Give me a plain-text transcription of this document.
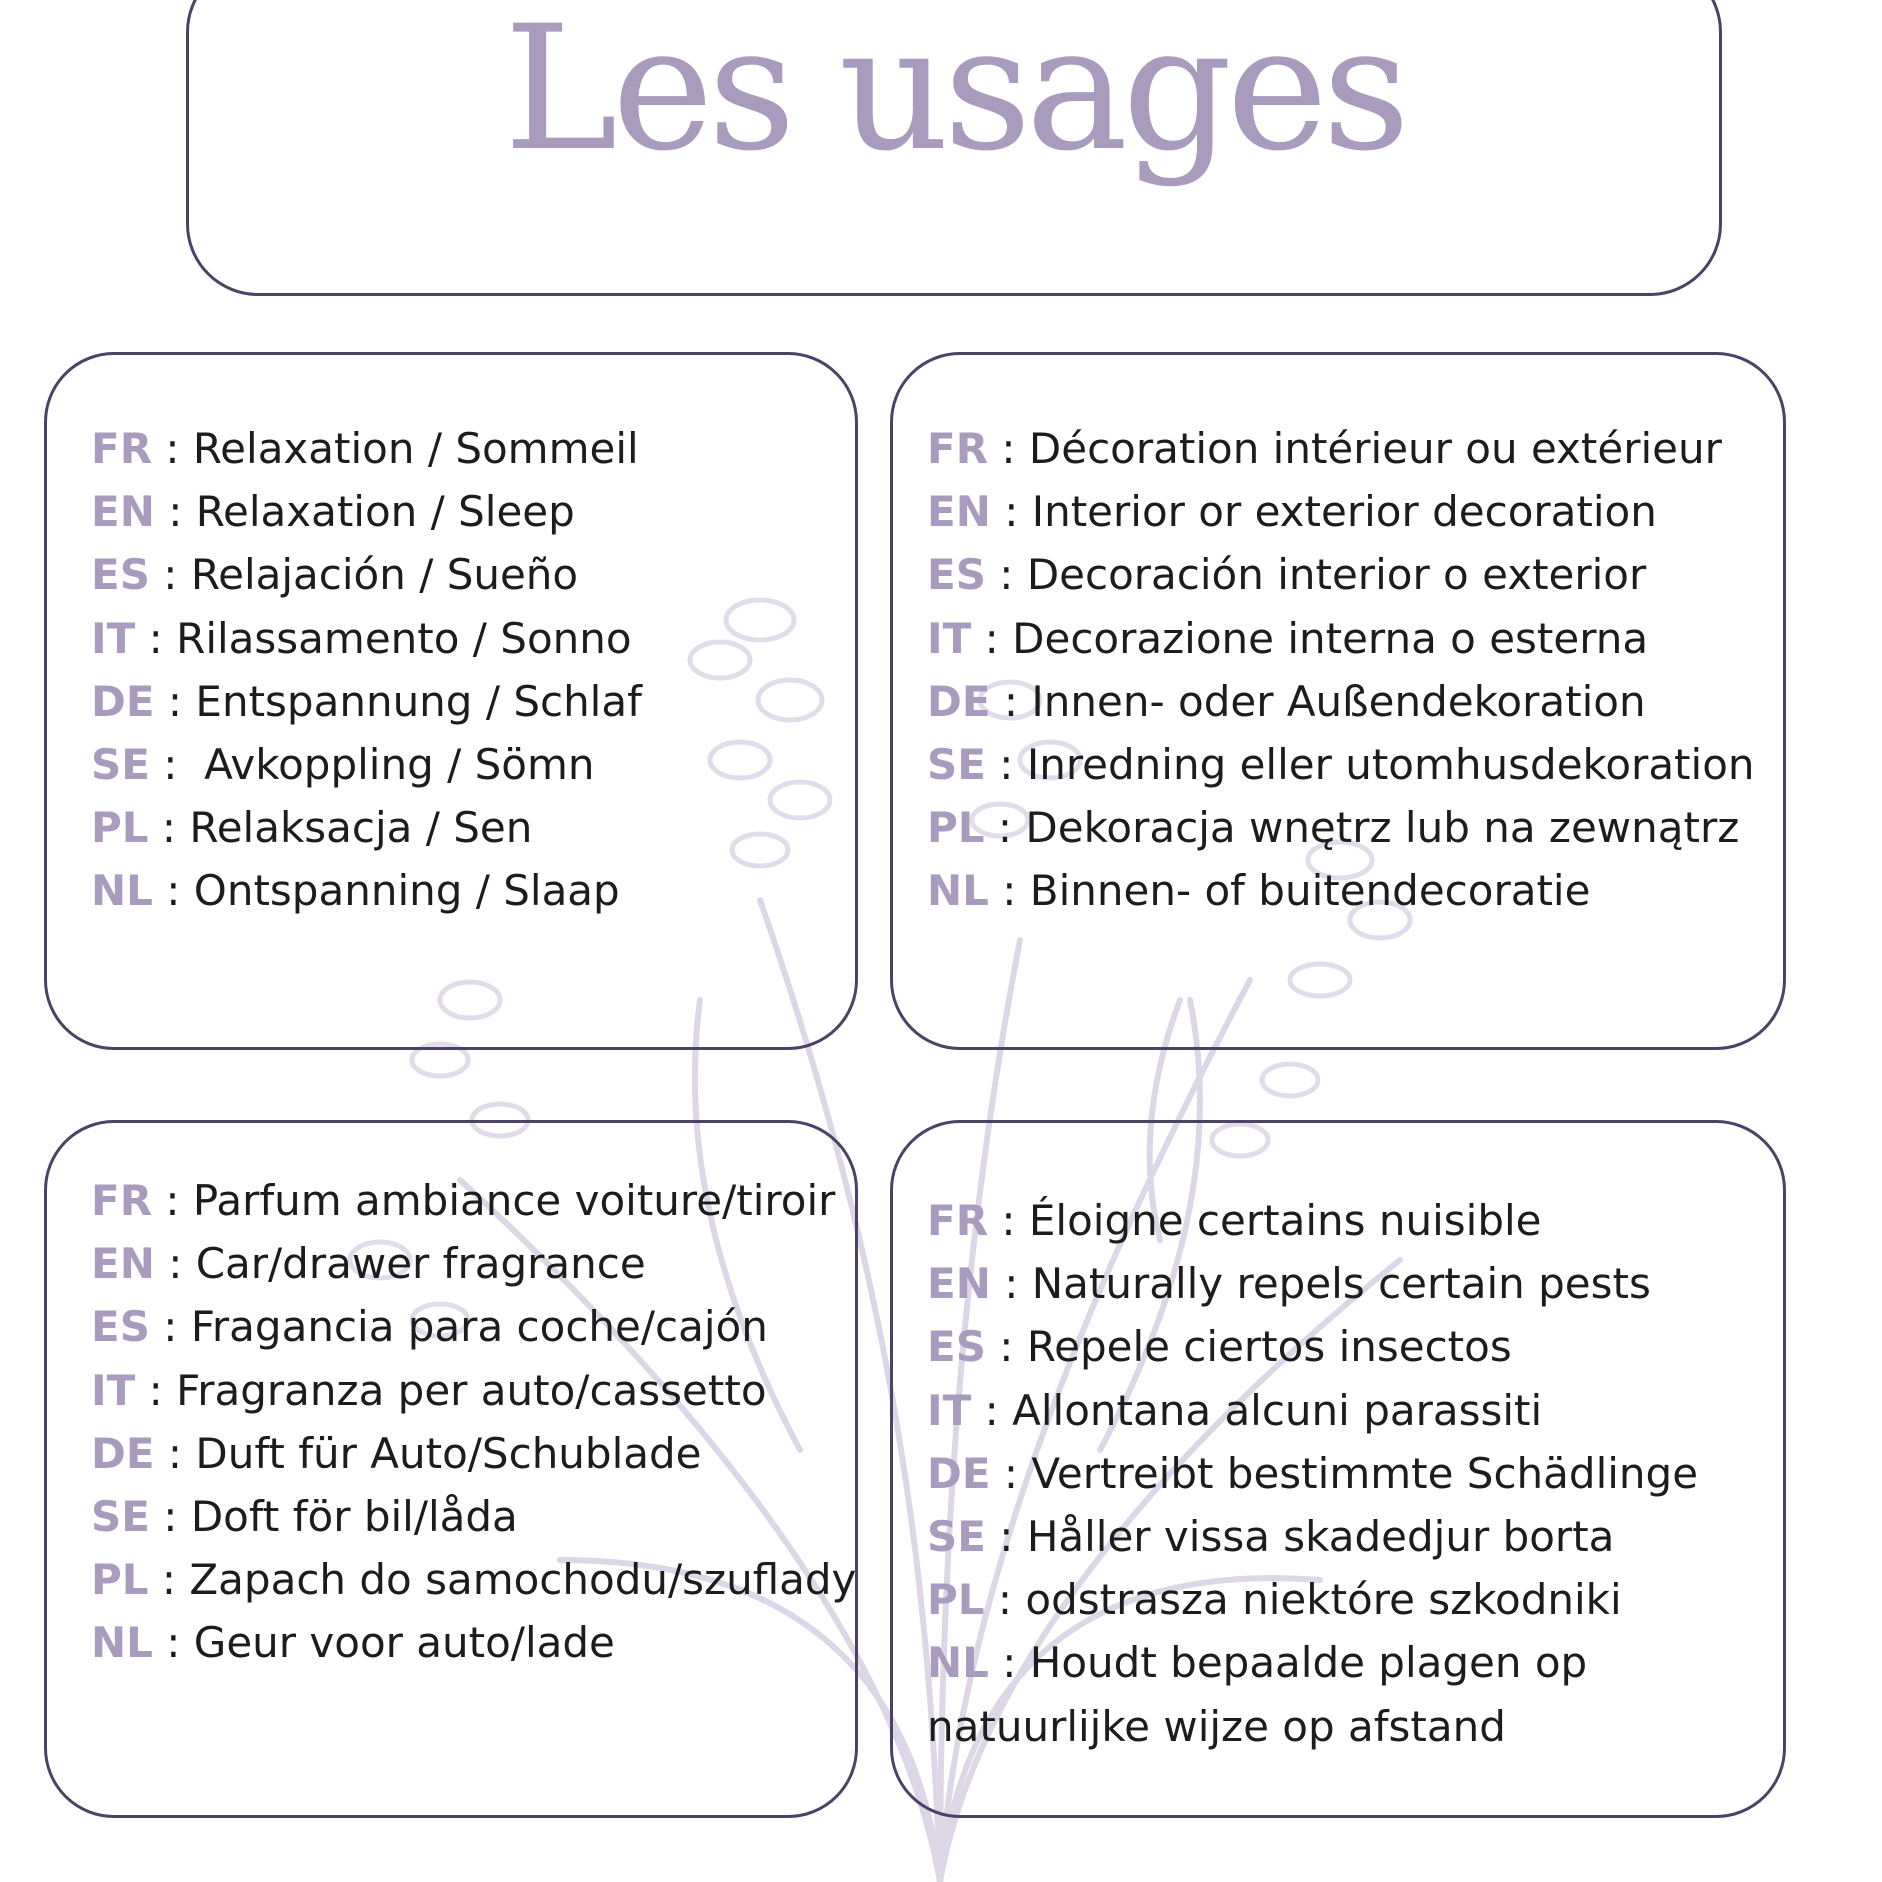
Les usages
FR : Relaxation / Sommeil
EN : Relaxation / Sleep
ES : Relajación / Sueño
IT : Rilassamento / Sonno
DE : Entspannung / Schlaf
SE :  Avkoppling / Sömn
PL : Relaksacja / Sen
NL : Ontspanning / Slaap
FR : Décoration intérieur ou extérieur
EN : Interior or exterior decoration
ES : Decoración interior o exterior
IT : Decorazione interna o esterna
DE : Innen- oder Außendekoration
SE : Inredning eller utomhusdekoration
PL : Dekoracja wnętrz lub na zewnątrz
NL : Binnen- of buitendecoratie
FR : Parfum ambiance voiture/tiroir
EN : Car/drawer fragrance
ES : Fragancia para coche/cajón
IT : Fragranza per auto/cassetto
DE : Duft für Auto/Schublade
SE : Doft för bil/låda
PL : Zapach do samochodu/szuflady
NL : Geur voor auto/lade
FR : Éloigne certains nuisible
EN : Naturally repels certain pests
ES : Repele ciertos insectos
IT : Allontana alcuni parassiti
DE : Vertreibt bestimmte Schädlinge
SE : Håller vissa skadedjur borta
PL : odstrasza niektóre szkodniki
NL : Houdt bepaalde plagen op
natuurlijke wijze op afstand
